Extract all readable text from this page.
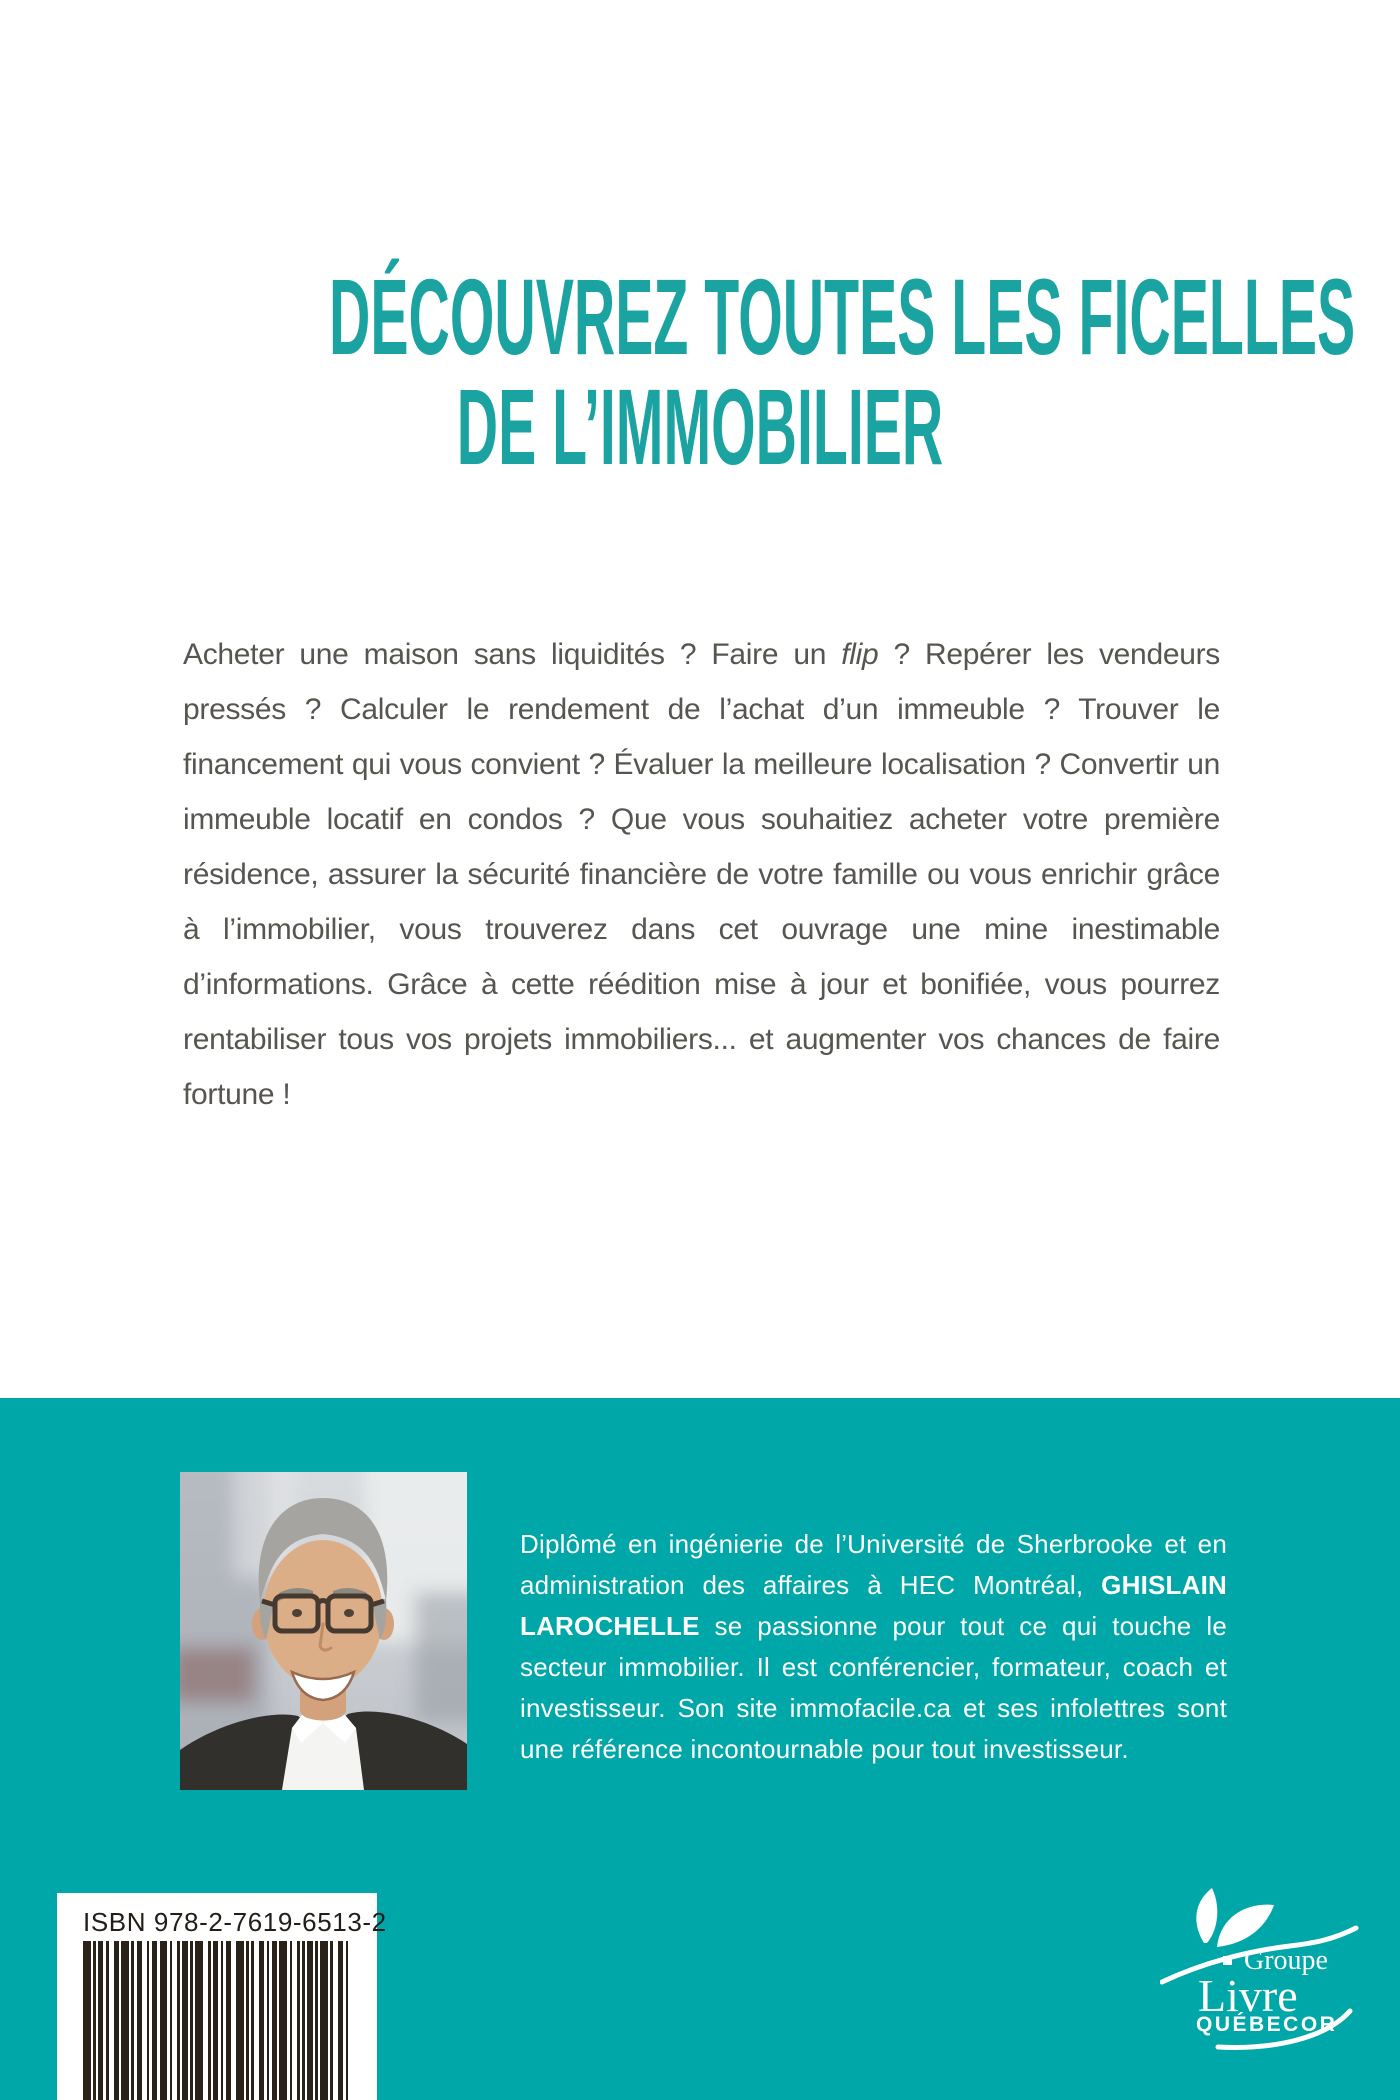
DÉCOUVREZ TOUTES LES FICELLES
DE L’IMMOBILIER

Acheter une maison sans liquidités ? Faire un flip ? Repérer les vendeurs pressés ? Calculer le rendement de l’achat d’un immeuble ? Trouver le financement qui vous convient ? Évaluer la meilleure localisation ? Convertir un immeuble locatif en condos ? Que vous souhaitiez acheter votre première résidence, assurer la sécurité financière de votre famille ou vous enrichir grâce à l’immobilier, vous trouverez dans cet ouvrage une mine inestimable d’informations. Grâce à cette réédition mise à jour et bonifiée, vous pourrez rentabiliser tous vos projets immobiliers... et augmenter vos chances de faire fortune !

Diplômé en ingénierie de l’Université de Sherbrooke et en administration des affaires à HEC Montréal, GHISLAIN LAROCHELLE se passionne pour tout ce qui touche le secteur immobilier. Il est conférencier, formateur, coach et investisseur. Son site immofacile.ca et ses infolettres sont une référence incontournable pour tout investisseur.

ISBN 978-2-7619-6513-2
Groupe
Livre
QUÉBECOR
